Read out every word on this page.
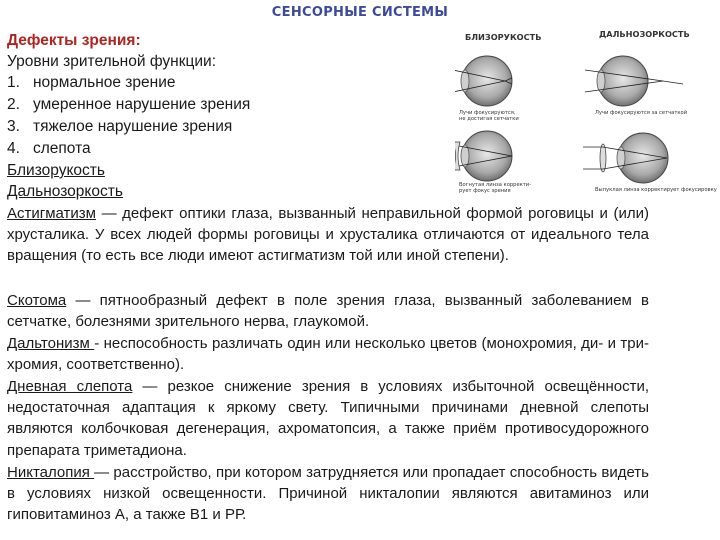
СЕНСОРНЫЕ СИСТЕМЫ
Дефекты зрения:
Уровни зрительной функции:
1. нормальное зрение
2. умеренное нарушение зрения
3. тяжелое нарушение зрения
4. слепота
Близорукость
Дальнозоркость
БЛИЗОРУКОСТЬ	ДАЛЬНОЗОРКОСТЬ
Лучи фокусируются,
не достигая сетчатки
Лучи фокусируются за сетчаткой
Вогнутая линза корректи-
рует фокус зрения	Выпуклая линза корректирует фокусировку
Астигматизм — дефект оптики глаза, вызванный неправильной формой роговицы и (или) хрусталика. У всех людей формы роговицы и хрусталика отличаются от идеального тела вращения (то есть все люди имеют астигматизм той или иной степени).
Скотома — пятнообразный дефект в поле зрения глаза, вызванный заболеванием в сетчатке, болезнями зрительного нерва, глаукомой.
Дальтонизм - неспособность различать один или несколько цветов (монохромия, ди- и три- хромия, соответственно).
Дневная слепота — резкое снижение зрения в условиях избыточной освещённости, недостаточная адаптация к яркому свету. Типичными причинами дневной слепоты являются колбочковая дегенерация, ахроматопсия, а также приём противосудорожного препарата триметадиона.
Никталопия — расстройство, при котором затрудняется или пропадает способность видеть в условиях низкой освещенности. Причиной никталопии являются авитаминоз или гиповитаминоз А, а также В1 и РР.
